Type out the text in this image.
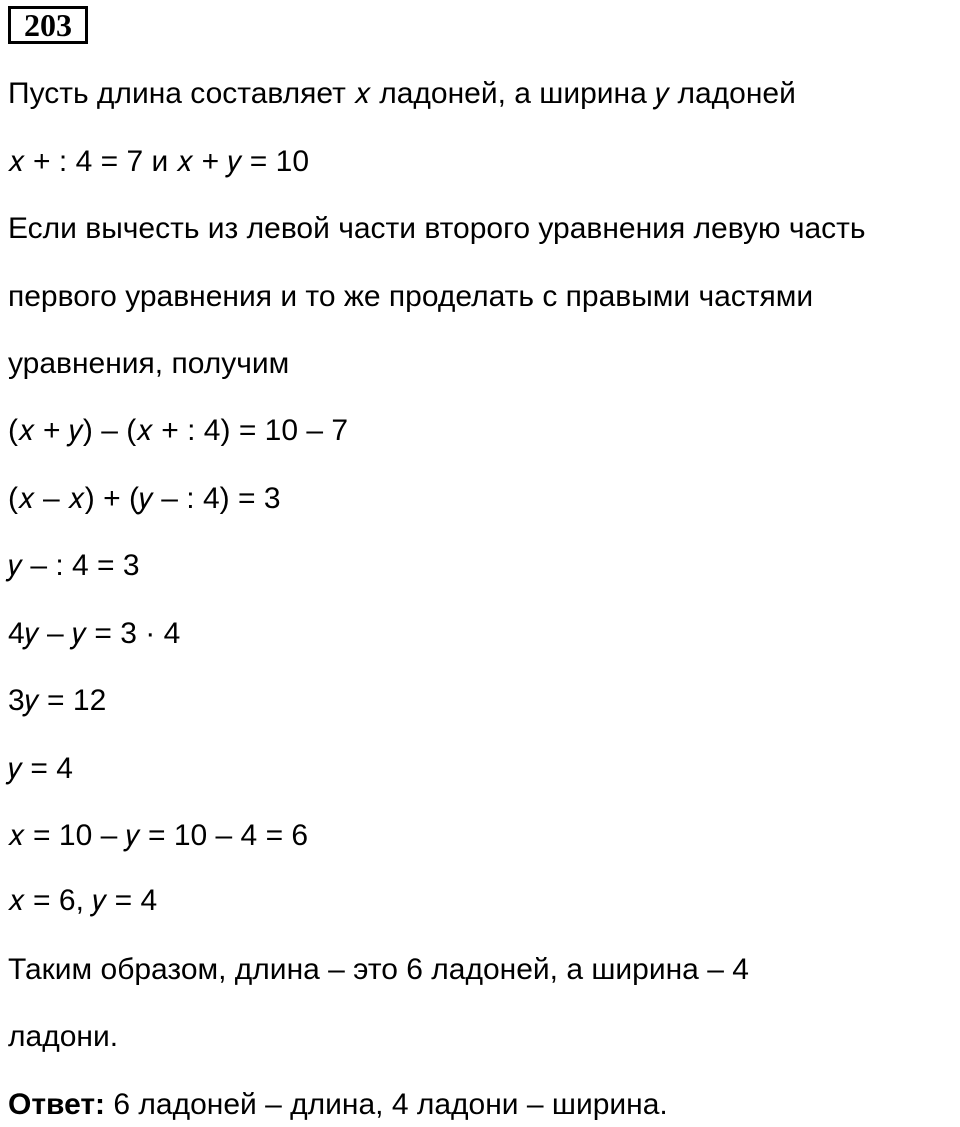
203
Пусть длина составляет 𝑥 ладоней, а ширина 𝑦 ладоней
𝑥 + : 4 = 7 и 𝑥 + 𝑦 = 10
Если вычесть из левой части второго уравнения левую часть
первого уравнения и то же проделать с правыми частями
уравнения, получим
(𝑥 + 𝑦) – (𝑥 + : 4) = 10 – 7
(𝑥 – 𝑥) + (𝑦 – : 4) = 3
𝑦 – : 4 = 3
4𝑦 – 𝑦 = 3 · 4
3𝑦 = 12
𝑦 = 4
𝑥 = 10 – 𝑦 = 10 – 4 = 6
𝑥 = 6, 𝑦 = 4
Таким образом, длина – это 6 ладоней, а ширина – 4
ладони.
Ответ: 6 ладоней – длина, 4 ладони – ширина.
